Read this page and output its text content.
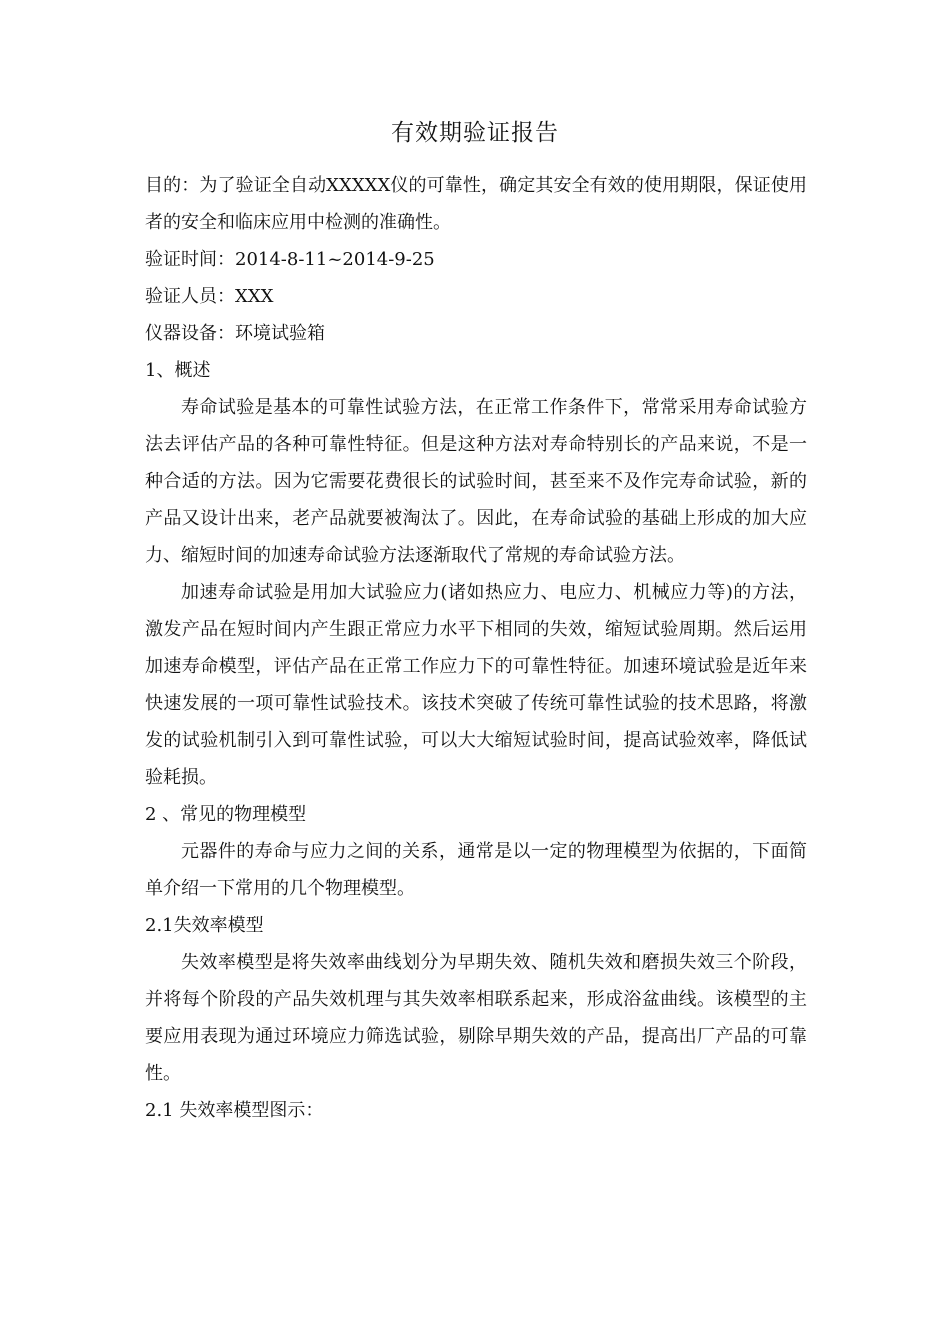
有效期验证报告

目的：为了验证全自动XXXXX仪的可靠性，确定其安全有效的使用期限，保证使用者的安全和临床应用中检测的准确性。

验证时间：2014-8-11~2014-9-25

验证人员：XXX

仪器设备：环境试验箱

1、概述

寿命试验是基本的可靠性试验方法，在正常工作条件下，常常采用寿命试验方法去评估产品的各种可靠性特征。但是这种方法对寿命特别长的产品来说，不是一种合适的方法。因为它需要花费很长的试验时间，甚至来不及作完寿命试验，新的产品又设计出来，老产品就要被淘汰了。因此，在寿命试验的基础上形成的加大应力、缩短时间的加速寿命试验方法逐渐取代了常规的寿命试验方法。

加速寿命试验是用加大试验应力(诸如热应力、电应力、机械应力等)的方法，激发产品在短时间内产生跟正常应力水平下相同的失效，缩短试验周期。然后运用加速寿命模型，评估产品在正常工作应力下的可靠性特征。加速环境试验是近年来快速发展的一项可靠性试验技术。该技术突破了传统可靠性试验的技术思路，将激发的试验机制引入到可靠性试验，可以大大缩短试验时间，提高试验效率，降低试验耗损。

2 、常见的物理模型

元器件的寿命与应力之间的关系，通常是以一定的物理模型为依据的，下面简单介绍一下常用的几个物理模型。

2.1失效率模型

失效率模型是将失效率曲线划分为早期失效、随机失效和磨损失效三个阶段，并将每个阶段的产品失效机理与其失效率相联系起来，形成浴盆曲线。该模型的主要应用表现为通过环境应力筛选试验，剔除早期失效的产品，提高出厂产品的可靠性。

2.1 失效率模型图示：
